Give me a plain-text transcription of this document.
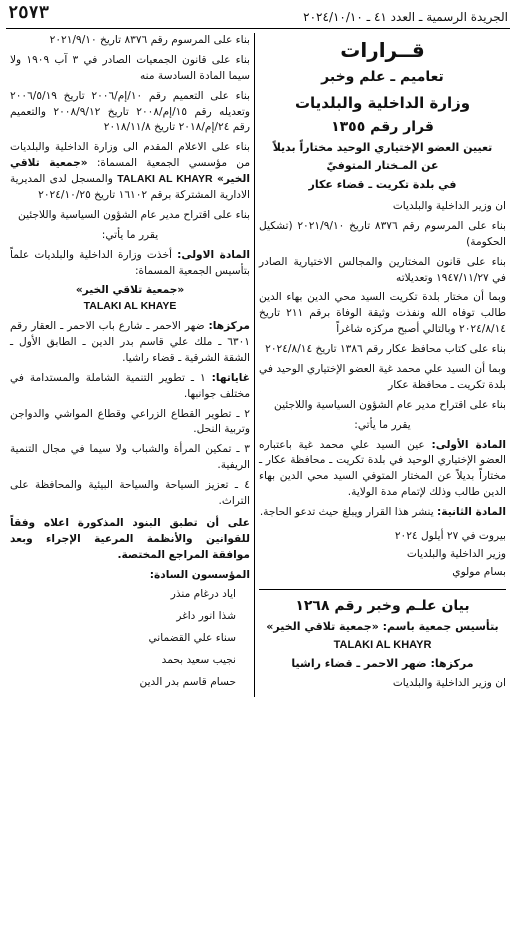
الجريدة الرسمية ـ العدد ٤١ ـ ٢٠٢٤/١٠/١٠
٢٥٧٣
قــرارات
تعاميم ـ علم وخبر
وزارة الداخلية والبلديات
قرار رقم ١٣٥٥
تعيين العضو الإختياري الوحيد مختاراً بديلاً
عن المـختار المتوفيّ
في بلدة تكريت ـ قضاء عكار

ان وزير الداخلية والبلديات

بناء على المرسوم رقم ٨٣٧٦ تاريخ ٢٠٢١/٩/١٠ (تشكيل الحكومة)

بناء على قانون المختارين والمجالس الاختيارية الصادر في ١٩٤٧/١١/٢٧ وتعديلاته

وبما أن مختار بلدة تكريت السيد محي الدين بهاء الدين طالب توفاه الله ونفذت وثيقة الوفاة برقم ٢١١ تاريخ ٢٠٢٤/٨/١٤ وبالتالي أصبح مركزه شاغراً

بناء على كتاب محافظ عكار رقم ١٣٨٦ تاريخ ٢٠٢٤/٨/١٤

وبما أن السيد علي محمد غية العضو الإختياري الوحيد في بلدة تكريت ـ محافظة عكار

بناء على اقتراح مدير عام الشؤون السياسية واللاجئين

يقرر ما يأتي:

المادة الأولى: عين السيد علي محمد غية باعتباره العضو الإختياري الوحيد في بلدة تكريت ـ محافظة عكار ـ مختاراً بديلاً عن المختار المتوفي السيد محي الدين بهاء الدين طالب وذلك لإتمام مدة الولاية.

المادة الثانية: ينشر هذا القرار ويبلغ حيث تدعو الحاجة.

بيروت في ٢٧ أيلول ٢٠٢٤

وزير الداخلية والبلديات

بسام مولوي

بيان علـم وخبر رقم ١٢٦٨
بتأسيس جمعية باسم: «جمعية تلاقي الخير»
TALAKI AL KHAYR
مركزها: ضهر الاحمر ـ قضاء راشيا

ان وزير الداخلية والبلديات

بناء على المرسوم رقم ٨٣٧٦ تاريخ ٢٠٢١/٩/١٠

بناء على قانون الجمعيات الصادر في ٣ آب ١٩٠٩ ولا سيما المادة السادسة منه

بناء على التعميم رقم ١٠/إم/٢٠٠٦ تاريخ ٢٠٠٦/٥/١٩ وتعديله رقم ١٥/إم/٢٠٠٨ تاريخ ٢٠٠٨/٩/١٢ والتعميم رقم ٢٤/إم/٢٠١٨ تاريخ ٢٠١٨/١١/٨

بناء على الاعلام المقدم الى وزارة الداخلية والبلديات من مؤسسي الجمعية المسماة: «جمعية تلاقي الخير» TALAKI AL KHAYR والمسجل لدى المديرية الادارية المشتركة برقم ١٦١٠٢ تاريخ ٢٠٢٤/١٠/٢٥

بناء على اقتراح مدير عام الشؤون السياسية واللاجئين

يقرر ما يأتي:

المادة الاولى: أخذت وزارة الداخلية والبلديات علماً بتأسيس الجمعية المسماة:

«جمعية تلاقي الخير»

TALAKI AL KHAYE

مركزها: ضهر الاحمر ـ شارع باب الاحمر ـ العقار رقم ٦٣٠١ ـ ملك علي قاسم بدر الدين ـ الطابق الأول ـ الشقة الشرقية ـ قضاء راشيا.

غاياتها: ١ ـ تطوير التنمية الشاملة والمستدامة في مختلف جوانبها.

٢ ـ تطوير القطاع الزراعي وقطاع المواشي والدواجن وتربية النحل.

٣ ـ تمكين المرأة والشباب ولا سيما في مجال التنمية الريفية.

٤ ـ تعزيز السياحة والسياحة البيئية والمحافظة على التراث.

على أن تطبق البنود المذكورة اعلاه وفقاً للقوانين والأنظمة المرعية الإجراء وبعد موافقة المراجع المختصة.

المؤسسون السادة:

اياد درغام منذر

شذا انور داغر

سناء علي القضماني

نجيب سعيد بحمد

حسام قاسم بدر الدين
